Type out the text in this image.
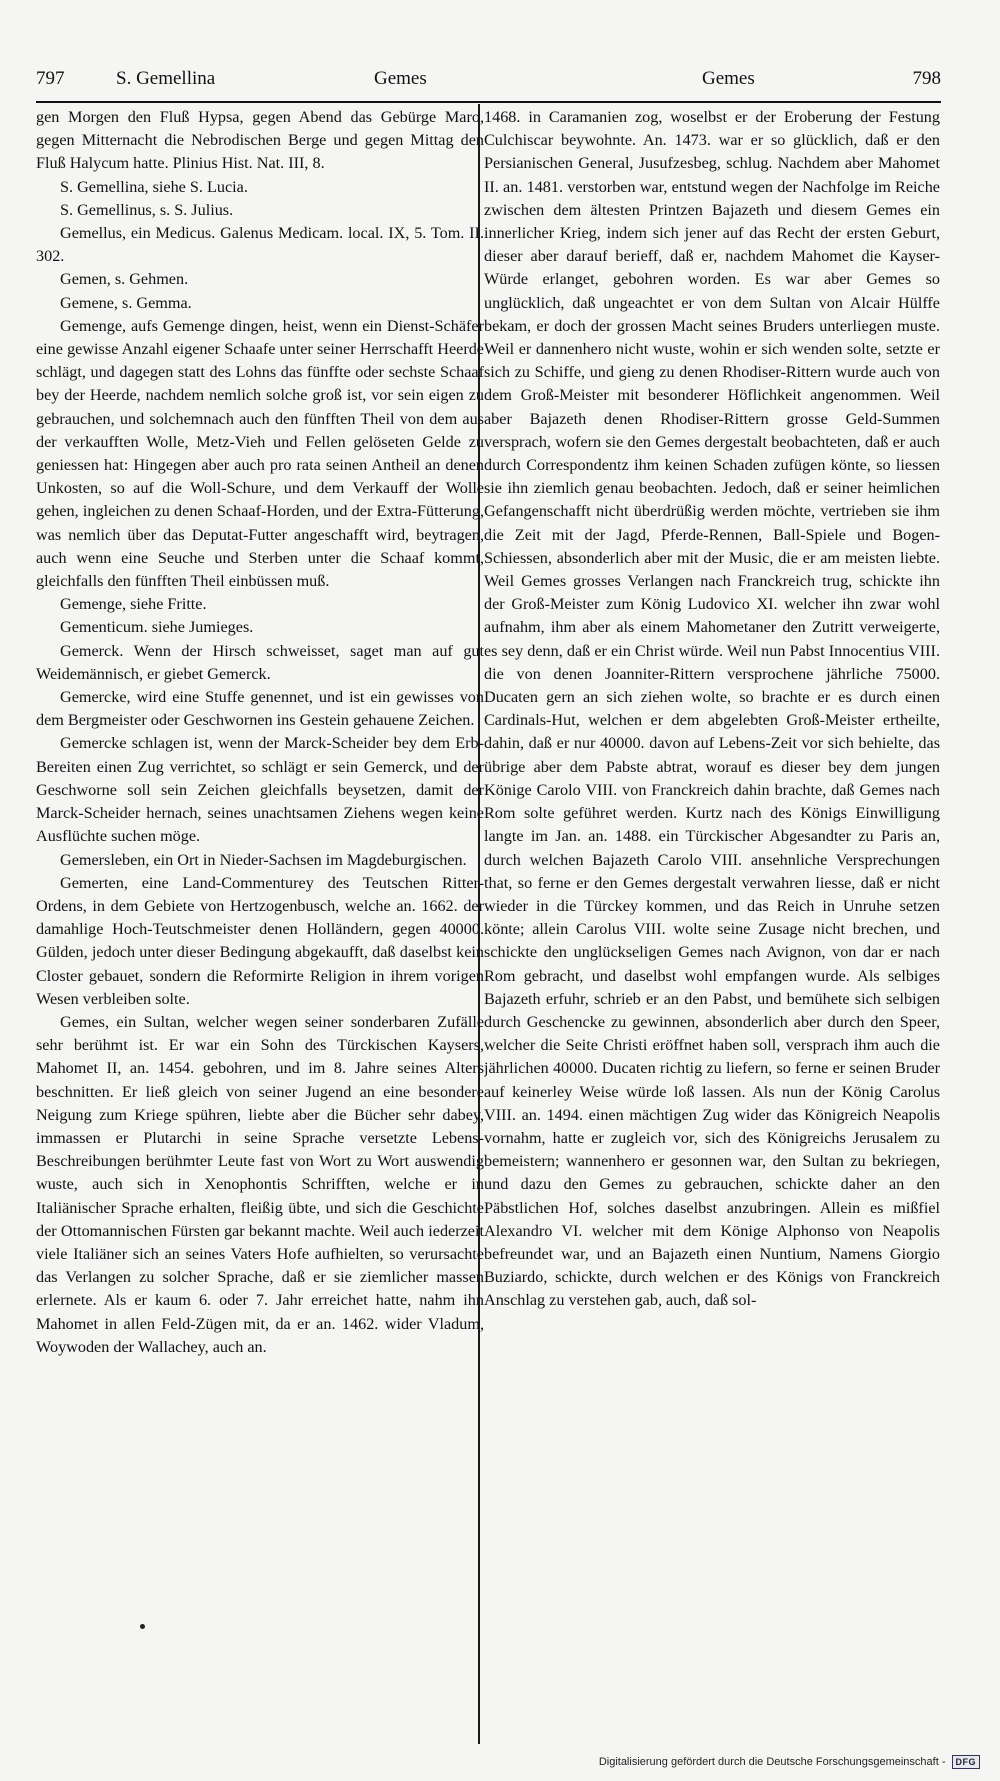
797	S. Gemellina	Gemes	Gemes	798

gen Morgen den Fluß Hypsa, gegen Abend das Gebürge Maro, gegen Mitternacht die Nebrodischen Berge und gegen Mittag den Fluß Halycum hatte. Plinius Hist. Nat. III, 8.

S. Gemellina, siehe S. Lucia.

S. Gemellinus, s. S. Julius.

Gemellus, ein Medicus. Galenus Medicam. local. IX, 5. Tom. II. 302.

Gemen, s. Gehmen.

Gemene, s. Gemma.

Gemenge, aufs Gemenge dingen, heist, wenn ein Dienst-Schäfer eine gewisse Anzahl eigener Schaafe unter seiner Herrschafft Heerde schlägt, und dagegen statt des Lohns das fünffte oder sechste Schaaf bey der Heerde, nachdem nemlich solche groß ist, vor sein eigen zu gebrauchen, und solchemnach auch den fünfften Theil von dem aus der verkaufften Wolle, Metz-Vieh und Fellen gelöseten Gelde zu geniessen hat: Hingegen aber auch pro rata seinen Antheil an denen Unkosten, so auf die Woll-Schure, und dem Verkauff der Wolle gehen, ingleichen zu denen Schaaf-Horden, und der Extra-Fütterung, was nemlich über das Deputat-Futter angeschafft wird, beytragen, auch wenn eine Seuche und Sterben unter die Schaaf kommt, gleichfalls den fünfften Theil einbüssen muß.

Gemenge, siehe Fritte.

Gementicum. siehe Jumieges.

Gemerck. Wenn der Hirsch schweisset, saget man auf gut Weidemännisch, er giebet Gemerck.

Gemercke, wird eine Stuffe genennet, und ist ein gewisses von dem Bergmeister oder Geschwornen ins Gestein gehauene Zeichen.

Gemercke schlagen ist, wenn der Marck-Scheider bey dem Erb-Bereiten einen Zug verrichtet, so schlägt er sein Gemerck, und der Geschworne soll sein Zeichen gleichfalls beysetzen, damit der Marck-Scheider hernach, seines unachtsamen Ziehens wegen keine Ausflüchte suchen möge.

Gemersleben, ein Ort in Nieder-Sachsen im Magdeburgischen.

Gemerten, eine Land-Commenturey des Teutschen Ritter-Ordens, in dem Gebiete von Hertzogenbusch, welche an. 1662. der damahlige Hoch-Teutschmeister denen Holländern, gegen 40000. Gülden, jedoch unter dieser Bedingung abgekaufft, daß daselbst kein Closter gebauet, sondern die Reformirte Religion in ihrem vorigen Wesen verbleiben solte.

Gemes, ein Sultan, welcher wegen seiner sonderbaren Zufälle sehr berühmt ist. Er war ein Sohn des Türckischen Kaysers, Mahomet II, an. 1454. gebohren, und im 8. Jahre seines Alters beschnitten. Er ließ gleich von seiner Jugend an eine besondere Neigung zum Kriege spühren, liebte aber die Bücher sehr dabey, immassen er Plutarchi in seine Sprache versetzte Lebens-Beschreibungen berühmter Leute fast von Wort zu Wort auswendig wuste, auch sich in Xenophontis Schrifften, welche er in Italiänischer Sprache erhalten, fleißig übte, und sich die Geschichte der Ottomannischen Fürsten gar bekannt machte. Weil auch iederzeit viele Italiäner sich an seines Vaters Hofe aufhielten, so verursachte das Verlangen zu solcher Sprache, daß er sie ziemlicher massen erlernete. Als er kaum 6. oder 7. Jahr erreichet hatte, nahm ihn Mahomet in allen Feld-Zügen mit, da er an. 1462. wider Vladum, Woywoden der Wallachey, auch an.

1468. in Caramanien zog, woselbst er der Eroberung der Festung Culchiscar beywohnte. An. 1473. war er so glücklich, daß er den Persianischen General, Jusufzesbeg, schlug. Nachdem aber Mahomet II. an. 1481. verstorben war, entstund wegen der Nachfolge im Reiche zwischen dem ältesten Printzen Bajazeth und diesem Gemes ein innerlicher Krieg, indem sich jener auf das Recht der ersten Geburt, dieser aber darauf berieff, daß er, nachdem Mahomet die Kayser-Würde erlanget, gebohren worden. Es war aber Gemes so unglücklich, daß ungeachtet er von dem Sultan von Alcair Hülffe bekam, er doch der grossen Macht seines Bruders unterliegen muste. Weil er dannenhero nicht wuste, wohin er sich wenden solte, setzte er sich zu Schiffe, und gieng zu denen Rhodiser-Rittern wurde auch von dem Groß-Meister mit besonderer Höflichkeit angenommen. Weil aber Bajazeth denen Rhodiser-Rittern grosse Geld-Summen versprach, wofern sie den Gemes dergestalt beobachteten, daß er auch durch Correspondentz ihm keinen Schaden zufügen könte, so liessen sie ihn ziemlich genau beobachten. Jedoch, daß er seiner heimlichen Gefangenschafft nicht überdrüßig werden möchte, vertrieben sie ihm die Zeit mit der Jagd, Pferde-Rennen, Ball-Spiele und Bogen-Schiessen, absonderlich aber mit der Music, die er am meisten liebte. Weil Gemes grosses Verlangen nach Franckreich trug, schickte ihn der Groß-Meister zum König Ludovico XI. welcher ihn zwar wohl aufnahm, ihm aber als einem Mahometaner den Zutritt verweigerte, es sey denn, daß er ein Christ würde. Weil nun Pabst Innocentius VIII. die von denen Joanniter-Rittern versprochene jährliche 75000. Ducaten gern an sich ziehen wolte, so brachte er es durch einen Cardinals-Hut, welchen er dem abgelebten Groß-Meister ertheilte, dahin, daß er nur 40000. davon auf Lebens-Zeit vor sich behielte, das übrige aber dem Pabste abtrat, worauf es dieser bey dem jungen Könige Carolo VIII. von Franckreich dahin brachte, daß Gemes nach Rom solte geführet werden. Kurtz nach des Königs Einwilligung langte im Jan. an. 1488. ein Türckischer Abgesandter zu Paris an, durch welchen Bajazeth Carolo VIII. ansehnliche Versprechungen that, so ferne er den Gemes dergestalt verwahren liesse, daß er nicht wieder in die Türckey kommen, und das Reich in Unruhe setzen könte; allein Carolus VIII. wolte seine Zusage nicht brechen, und schickte den unglückseligen Gemes nach Avignon, von dar er nach Rom gebracht, und daselbst wohl empfangen wurde. Als selbiges Bajazeth erfuhr, schrieb er an den Pabst, und bemühete sich selbigen durch Geschencke zu gewinnen, absonderlich aber durch den Speer, welcher die Seite Christi eröffnet haben soll, versprach ihm auch die jährlichen 40000. Ducaten richtig zu liefern, so ferne er seinen Bruder auf keinerley Weise würde loß lassen. Als nun der König Carolus VIII. an. 1494. einen mächtigen Zug wider das Königreich Neapolis vornahm, hatte er zugleich vor, sich des Königreichs Jerusalem zu bemeistern; wannenhero er gesonnen war, den Sultan zu bekriegen, und dazu den Gemes zu gebrauchen, schickte daher an den Päbstlichen Hof, solches daselbst anzubringen. Allein es mißfiel Alexandro VI. welcher mit dem Könige Alphonso von Neapolis befreundet war, und an Bajazeth einen Nuntium, Namens Giorgio Buziardo, schickte, durch welchen er des Königs von Franckreich Anschlag zu verstehen gab, auch, daß sol-

Digitalisierung gefördert durch die Deutsche Forschungsgemeinschaft -	DFG
